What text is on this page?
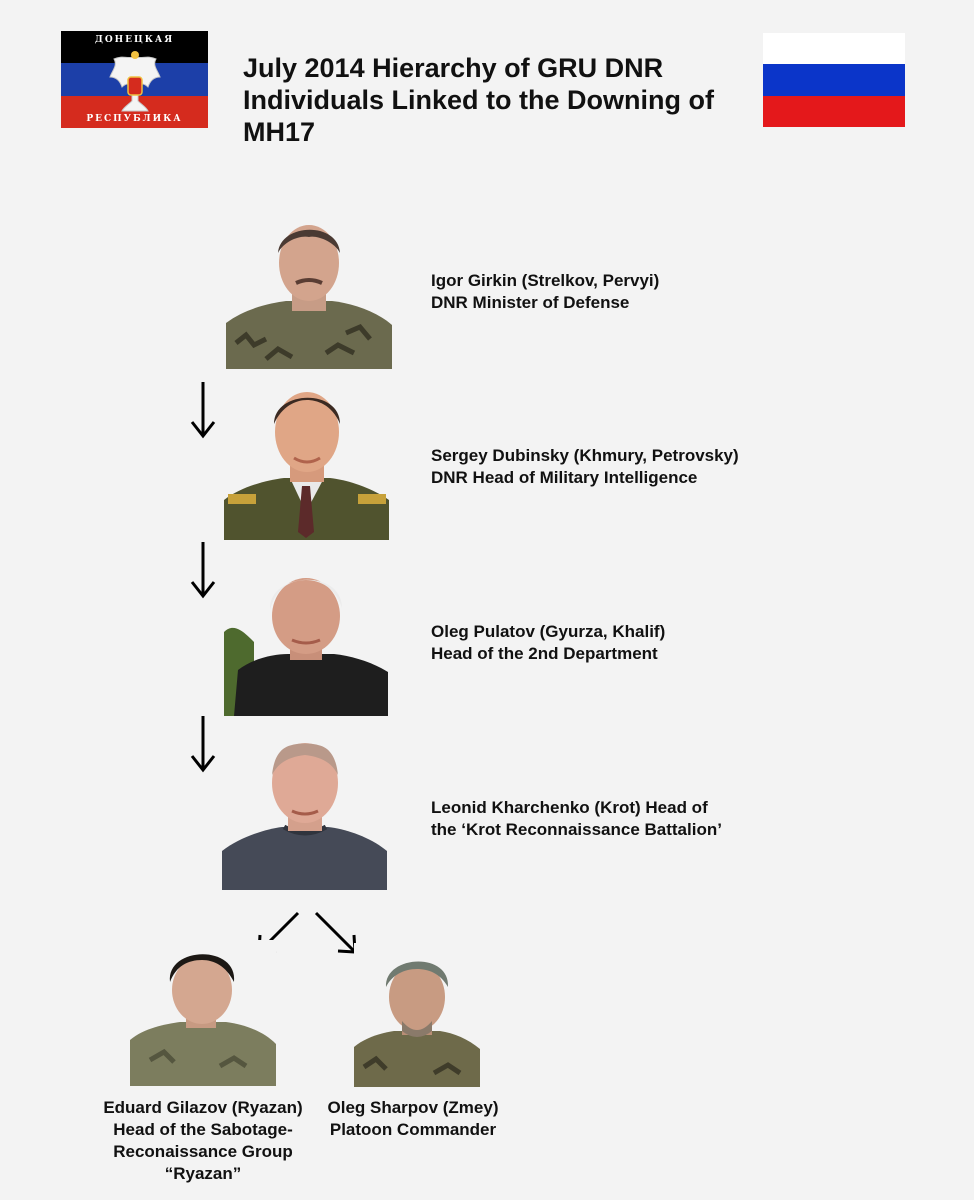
ДОНЕЦКАЯ
РЕСПУБЛИКА
July 2014 Hierarchy of GRU DNR Individuals Linked to the Downing of MH17
Igor Girkin (Strelkov, Pervyi)
DNR Minister of Defense
Sergey Dubinsky (Khmury, Petrovsky)
DNR Head of Military Intelligence
Oleg Pulatov (Gyurza, Khalif)
Head of the 2nd Department
Leonid Kharchenko (Krot) Head of
the ‘Krot Reconnaissance Battalion’
Eduard Gilazov (Ryazan)
Head of the Sabotage-
Reconaissance Group
“Ryazan”
Oleg Sharpov (Zmey)
Platoon Commander
